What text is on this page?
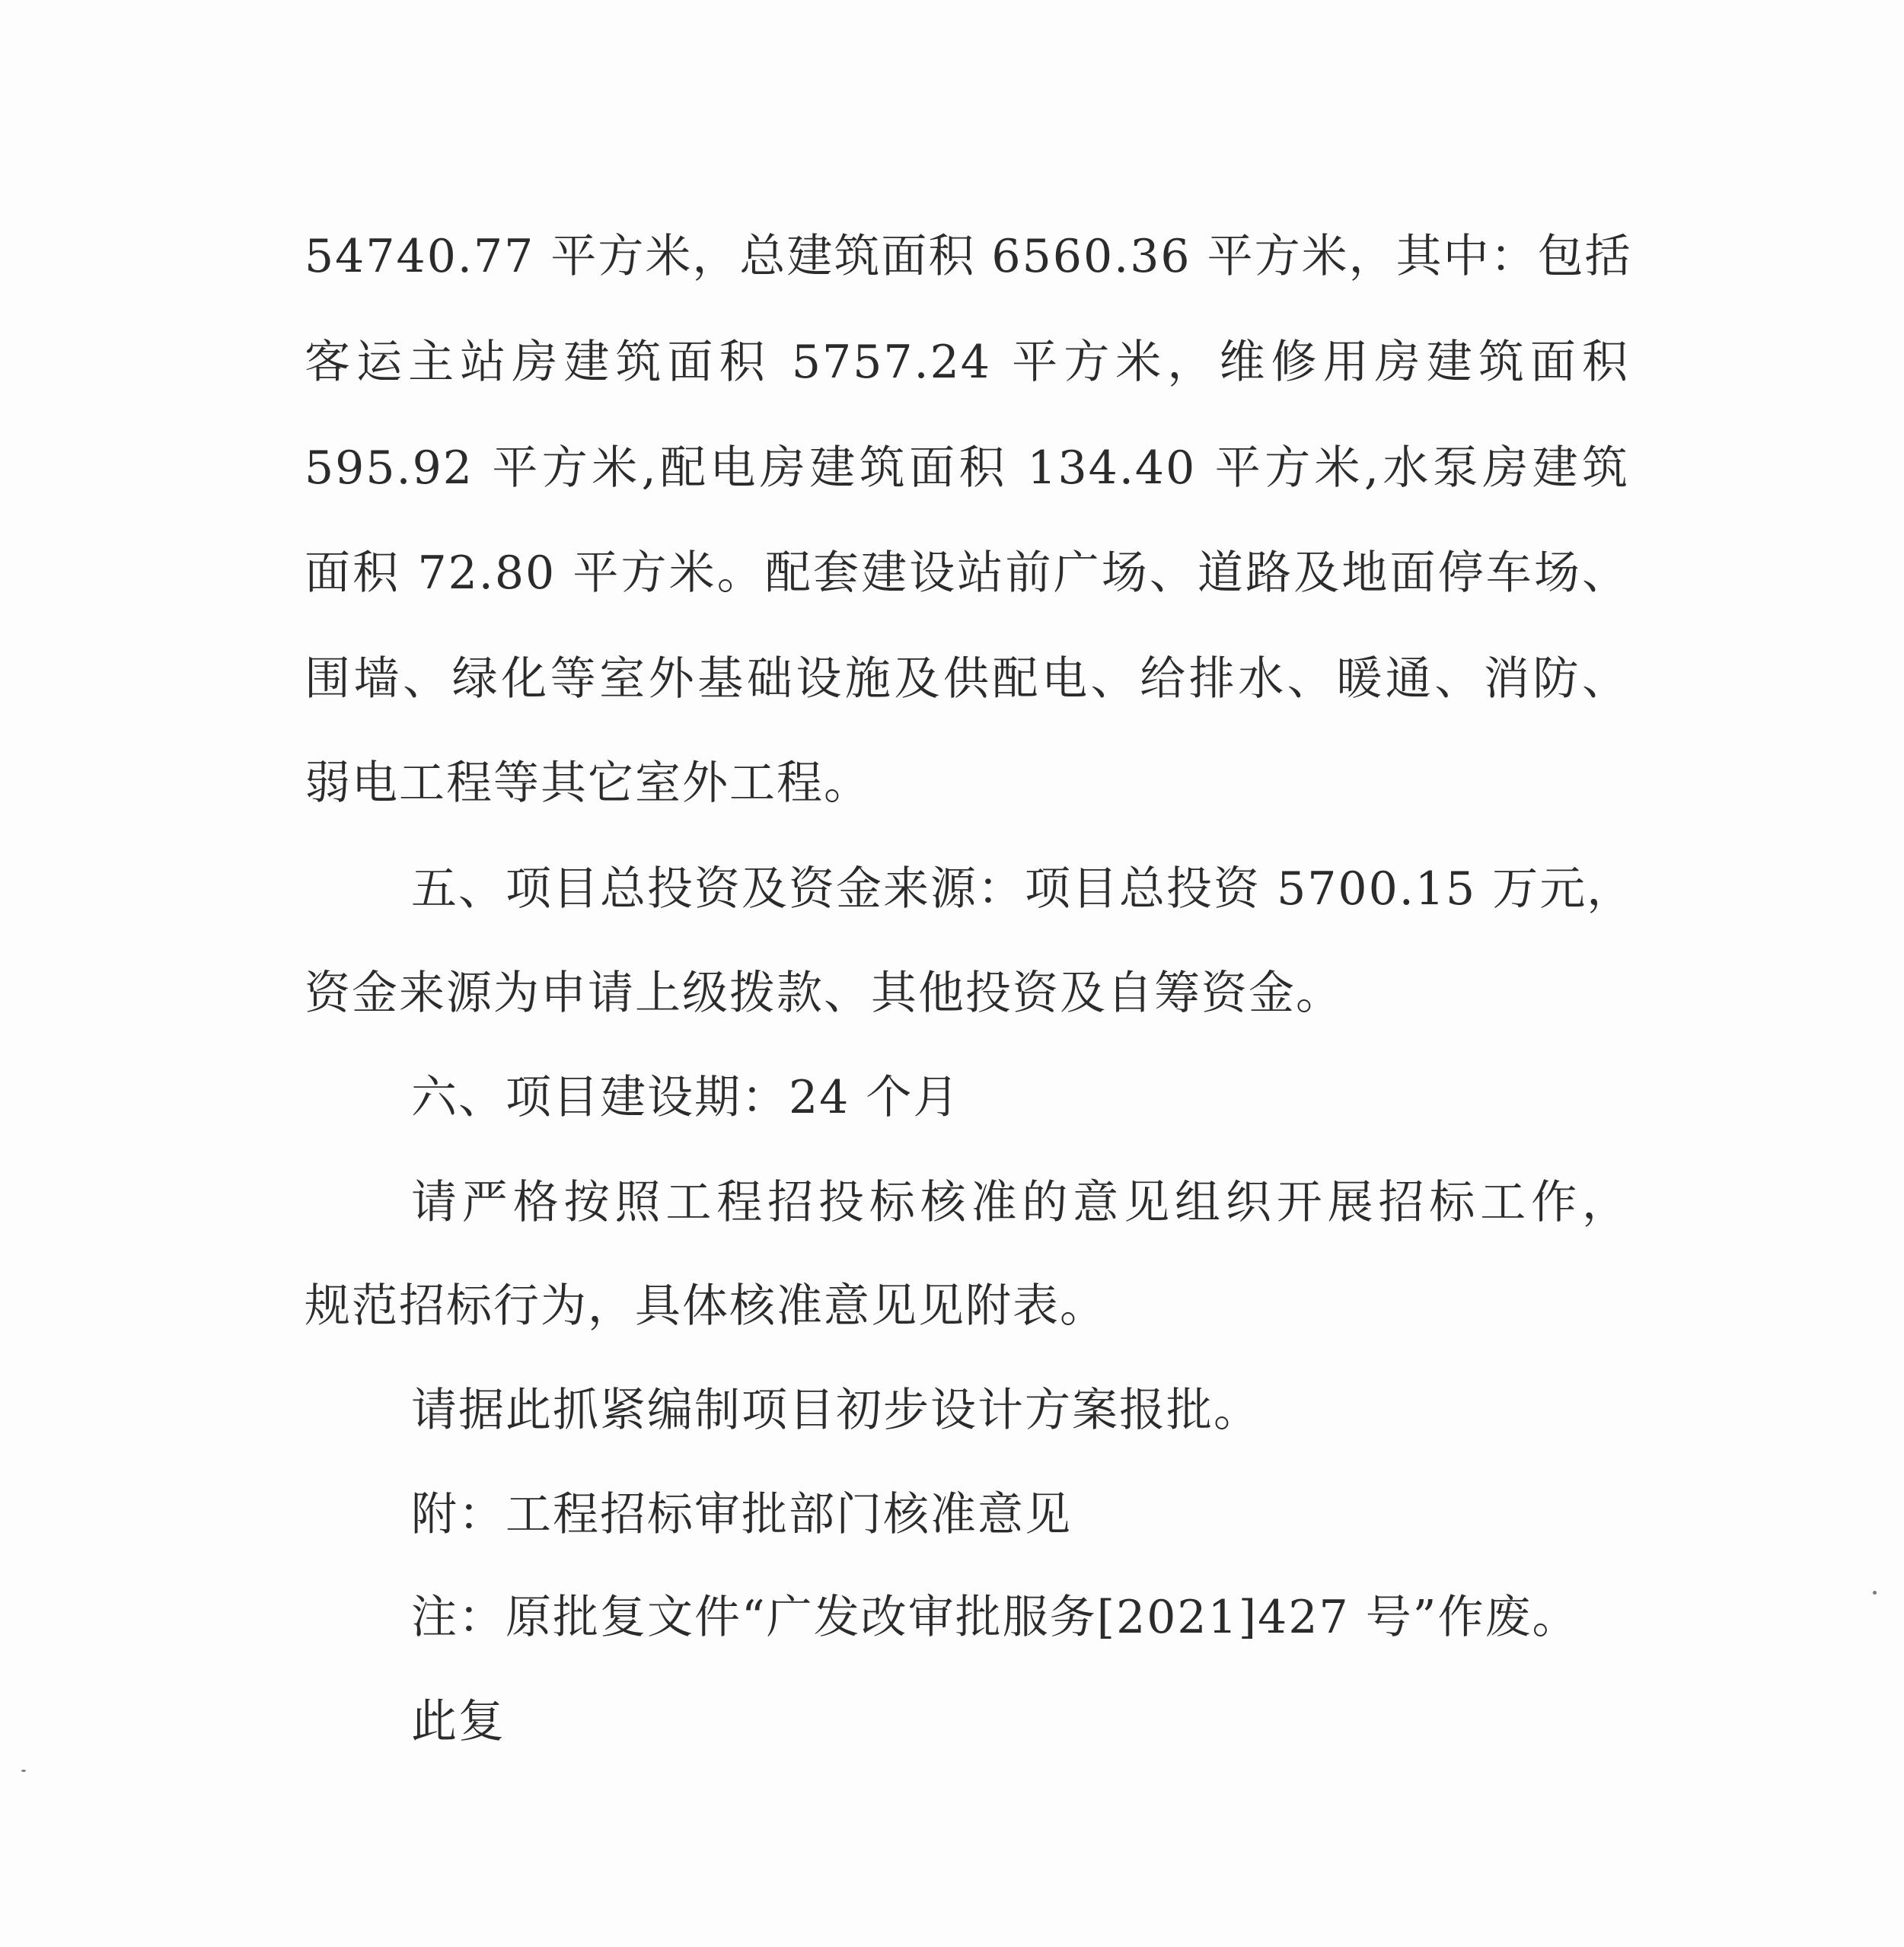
54740.77 平方米，总建筑面积 6560.36 平方米，其中：包括
客运主站房建筑面积 5757.24 平方米，维修用房建筑面积
595.92 平方米,配电房建筑面积 134.40 平方米,水泵房建筑
面积 72.80 平方米。配套建设站前广场、道路及地面停车场、
围墙、绿化等室外基础设施及供配电、给排水、暖通、消防、
弱电工程等其它室外工程。
五、项目总投资及资金来源：项目总投资 5700.15 万元，
资金来源为申请上级拨款、其他投资及自筹资金。
六、项目建设期：24 个月
请严格按照工程招投标核准的意见组织开展招标工作，
规范招标行为，具体核准意见见附表。
请据此抓紧编制项目初步设计方案报批。
附：工程招标审批部门核准意见
注：原批复文件“广发改审批服务[2021]427 号”作废。
此复
